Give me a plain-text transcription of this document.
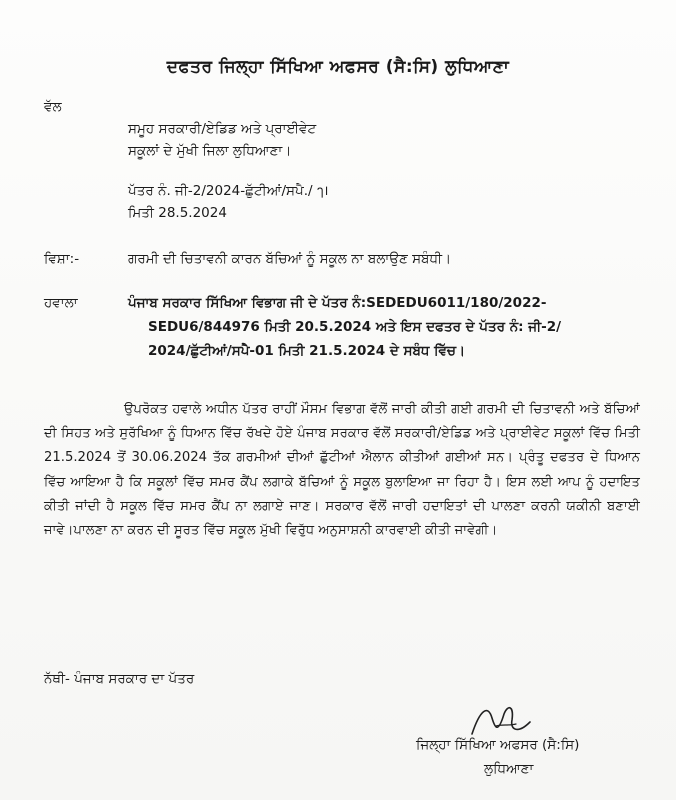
ਦਫਤਰ ਜਿਲ੍ਹਾ ਸਿੱਖਿਆ ਅਫਸਰ (ਸੈ:ਸਿ) ਲੁਧਿਆਣਾ
ਵੱਲ
ਸਮੂਹ ਸਰਕਾਰੀ/ਏਡਿਡ ਅਤੇ ਪ੍ਰਾਈਵੇਟ
ਸਕੂਲਾਂ ਦੇ ਮੁੱਖੀ ਜਿਲਾ ਲੁਧਿਆਣਾ।
ਪੱਤਰ ਨੰ. ਜੀ-2/2024-ਛੁੱਟੀਆਂ/ਸਪੈ./ ๅ।
ਮਿਤੀ 28.5.2024
ਵਿਸ਼ਾ:-	ਗਰਮੀ ਦੀ ਚਿਤਾਵਨੀ ਕਾਰਨ ਬੱਚਿਆਂ ਨੂੰ ਸਕੂਲ ਨਾ ਬਲਾਉਣ ਸਬੰਧੀ।
ਹਵਾਲਾ	ਪੰਜਾਬ ਸਰਕਾਰ ਸਿੱਖਿਆ ਵਿਭਾਗ ਜੀ ਦੇ ਪੱਤਰ ਨੰ:SEDEDU6011/180/2022-
SEDU6/844976 ਮਿਤੀ 20.5.2024 ਅਤੇ ਇਸ ਦਫਤਰ ਦੇ ਪੱਤਰ ਨੰ: ਜੀ-2/
2024/ਛੁੱਟੀਆਂ/ਸਪੈ-01 ਮਿਤੀ 21.5.2024 ਦੇ ਸਬੰਧ ਵਿੱਚ।
ਉਪਰੋਕਤ ਹਵਾਲੇ ਅਧੀਨ ਪੱਤਰ ਰਾਹੀਂ ਮੌਸਮ ਵਿਭਾਗ ਵੱਲੋਂ ਜਾਰੀ ਕੀਤੀ ਗਈ ਗਰਮੀ ਦੀ ਚਿਤਾਵਨੀ ਅਤੇ ਬੱਚਿਆਂ ਦੀ ਸਿਹਤ ਅਤੇ ਸੁਰੱਖਿਆ ਨੂੰ ਧਿਆਨ ਵਿੱਚ ਰੱਖਦੇ ਹੋਏ ਪੰਜਾਬ ਸਰਕਾਰ ਵੱਲੋਂ ਸਰਕਾਰੀ/ਏਡਿਡ ਅਤੇ ਪ੍ਰਾਈਵੇਟ ਸਕੂਲਾਂ ਵਿੱਚ ਮਿਤੀ 21.5.2024 ਤੋਂ 30.06.2024 ਤੱਕ ਗਰਮੀਆਂ ਦੀਆਂ ਛੁੱਟੀਆਂ ਐਲਾਨ ਕੀਤੀਆਂ ਗਈਆਂ ਸਨ। ਪ੍ਰੰਤੂ ਦਫਤਰ ਦੇ ਧਿਆਨ ਵਿੱਚ ਆਇਆ ਹੈ ਕਿ ਸਕੂਲਾਂ ਵਿੱਚ ਸਮਰ ਕੈਂਪ ਲਗਾਕੇ ਬੱਚਿਆਂ ਨੂੰ ਸਕੂਲ ਬੁਲਾਇਆ ਜਾ ਰਿਹਾ ਹੈ। ਇਸ ਲਈ ਆਪ ਨੂੰ ਹਦਾਇਤ ਕੀਤੀ ਜਾਂਦੀ ਹੈ ਸਕੂਲ ਵਿੱਚ ਸਮਰ ਕੈਂਪ ਨਾ ਲਗਾਏ ਜਾਣ। ਸਰਕਾਰ ਵੱਲੋਂ ਜਾਰੀ ਹਦਾਇਤਾਂ ਦੀ ਪਾਲਣਾ ਕਰਨੀ ਯਕੀਨੀ ਬਣਾਈ ਜਾਵੇ।ਪਾਲਣਾ ਨਾ ਕਰਨ ਦੀ ਸੂਰਤ ਵਿੱਚ ਸਕੂਲ ਮੁੱਖੀ ਵਿਰੁੱਧ ਅਨੁਸਾਸ਼ਨੀ ਕਾਰਵਾਈ ਕੀਤੀ ਜਾਵੇਗੀ।
ਨੱਥੀ- ਪੰਜਾਬ ਸਰਕਾਰ ਦਾ ਪੱਤਰ
ਜਿਲ੍ਹਾ ਸਿੱਖਿਆ ਅਫਸਰ (ਸੈ:ਸਿ)
ਲੁਧਿਆਣਾ
